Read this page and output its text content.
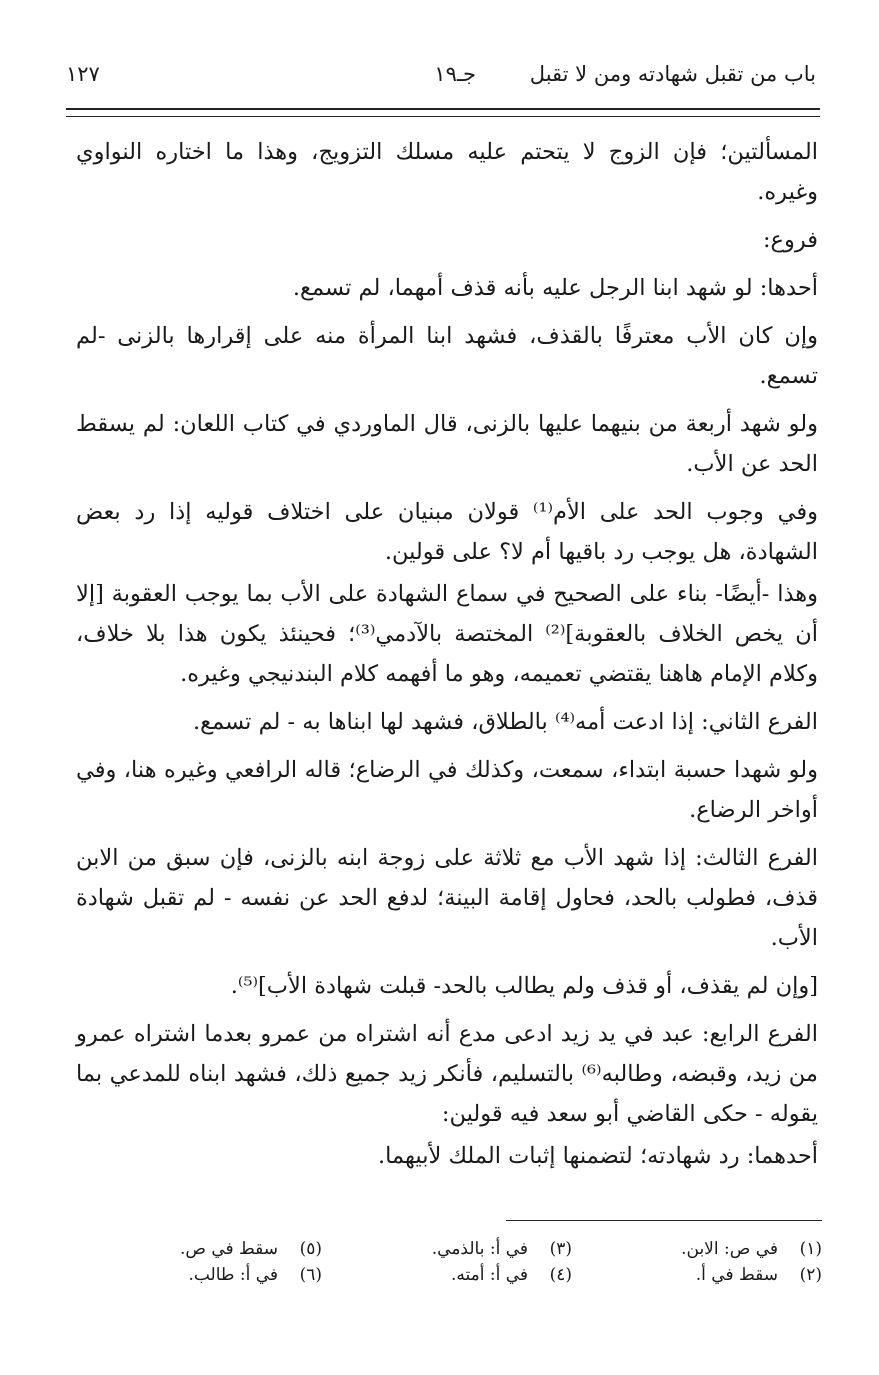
باب من تقبل شهادته ومن لا تقبل
جـ١٩
١٢٧

المسألتين؛ فإن الزوج لا يتحتم عليه مسلك التزويج، وهذا ما اختاره النواوي وغيره.

فروع:

أحدها: لو شهد ابنا الرجل عليه بأنه قذف أمهما، لم تسمع.

وإن كان الأب معترفًا بالقذف، فشهد ابنا المرأة منه على إقرارها بالزنى -لم تسمع.

ولو شهد أربعة من بنيهما عليها بالزنى، قال الماوردي في كتاب اللعان: لم يسقط الحد عن الأب.

وفي وجوب الحد على الأم⁽¹⁾ قولان مبنيان على اختلاف قوليه إذا رد بعض الشهادة، هل يوجب رد باقيها أم لا؟ على قولين.

وهذا -أيضًا- بناء على الصحيح في سماع الشهادة على الأب بما يوجب العقوبة [إلا أن يخص الخلاف بالعقوبة]⁽²⁾ المختصة بالآدمي⁽³⁾؛ فحينئذ يكون هذا بلا خلاف، وكلام الإمام هاهنا يقتضي تعميمه، وهو ما أفهمه كلام البندنيجي وغيره.

الفرع الثاني: إذا ادعت أمه⁽⁴⁾ بالطلاق، فشهد لها ابناها به - لم تسمع.

ولو شهدا حسبة ابتداء، سمعت، وكذلك في الرضاع؛ قاله الرافعي وغيره هنا، وفي أواخر الرضاع.

الفرع الثالث: إذا شهد الأب مع ثلاثة على زوجة ابنه بالزنى، فإن سبق من الابن قذف، فطولب بالحد، فحاول إقامة البينة؛ لدفع الحد عن نفسه - لم تقبل شهادة الأب.

[وإن لم يقذف، أو قذف ولم يطالب بالحد- قبلت شهادة الأب]⁽⁵⁾.

الفرع الرابع: عبد في يد زيد ادعى مدع أنه اشتراه من عمرو بعدما اشتراه عمرو من زيد، وقبضه، وطالبه⁽⁶⁾ بالتسليم، فأنكر زيد جميع ذلك، فشهد ابناه للمدعي بما يقوله - حكى القاضي أبو سعد فيه قولين:

أحدهما: رد شهادته؛ لتضمنها إثبات الملك لأبيهما.

(١)في ص: الابن.
(٣)في أ: بالذمي.
(٥)سقط في ص.
(٢)سقط في أ.
(٤)في أ: أمته.
(٦)في أ: طالب.
